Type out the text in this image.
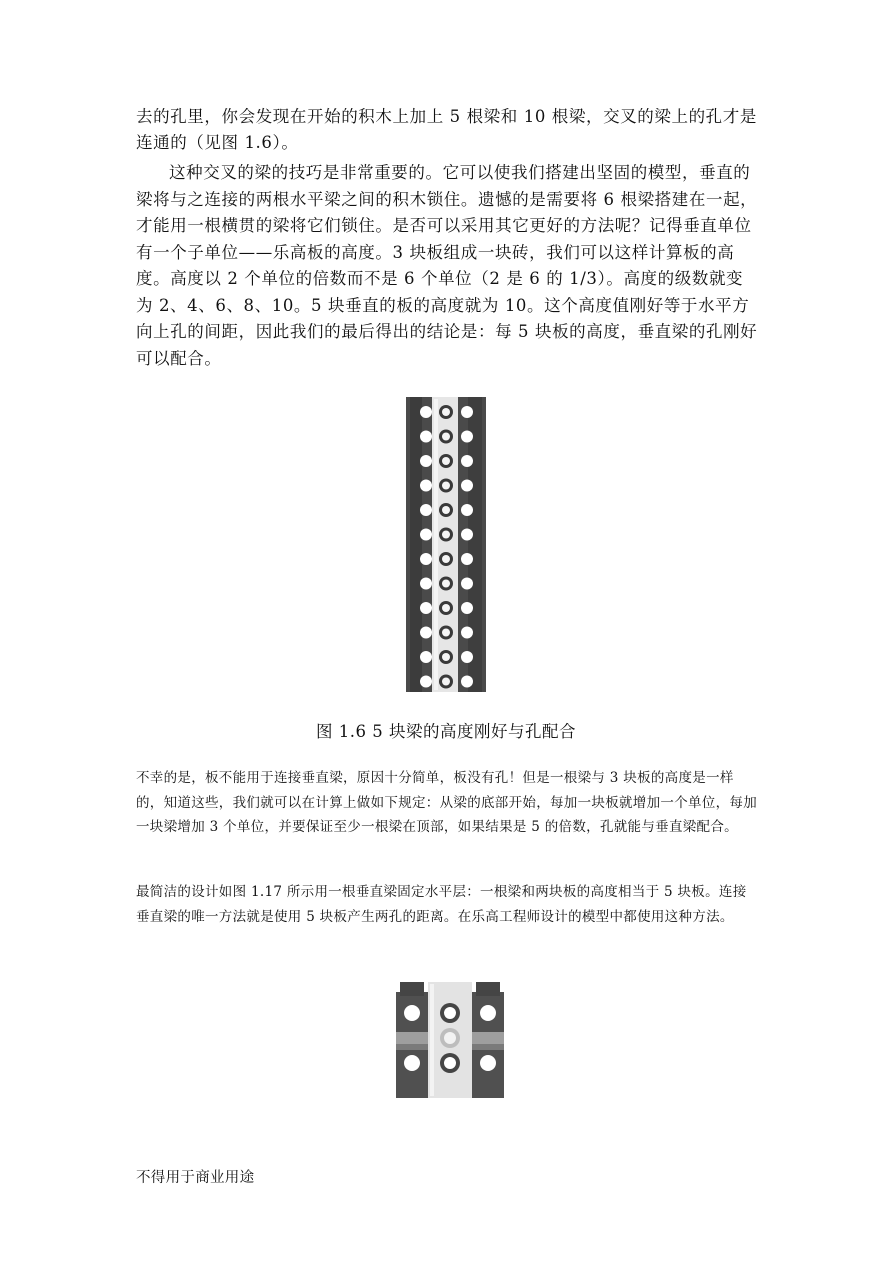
去的孔里，你会发现在开始的积木上加上 5 根梁和 10 根梁，交叉的梁上的孔才是连通的（见图 1.6）。
这种交叉的梁的技巧是非常重要的。它可以使我们搭建出坚固的模型，垂直的梁将与之连接的两根水平梁之间的积木锁住。遗憾的是需要将 6 根梁搭建在一起，才能用一根横贯的梁将它们锁住。是否可以采用其它更好的方法呢？记得垂直单位有一个子单位——乐高板的高度。3 块板组成一块砖，我们可以这样计算板的高度。高度以 2 个单位的倍数而不是 6 个单位（2 是 6 的 1/3）。高度的级数就变为 2、4、6、8、10。5 块垂直的板的高度就为 10。这个高度值刚好等于水平方向上孔的间距，因此我们的最后得出的结论是：每 5 块板的高度，垂直梁的孔刚好可以配合。
图 1.6 5 块梁的高度刚好与孔配合
不幸的是，板不能用于连接垂直梁，原因十分简单，板没有孔！但是一根梁与 3 块板的高度是一样的，知道这些，我们就可以在计算上做如下规定：从梁的底部开始，每加一块板就增加一个单位，每加一块梁增加 3 个单位，并要保证至少一根梁在顶部，如果结果是 5 的倍数，孔就能与垂直梁配合。
最简洁的设计如图 1.17 所示用一根垂直梁固定水平层：一根梁和两块板的高度相当于 5 块板。连接垂直梁的唯一方法就是使用 5 块板产生两孔的距离。在乐高工程师设计的模型中都使用这种方法。
不得用于商业用途
